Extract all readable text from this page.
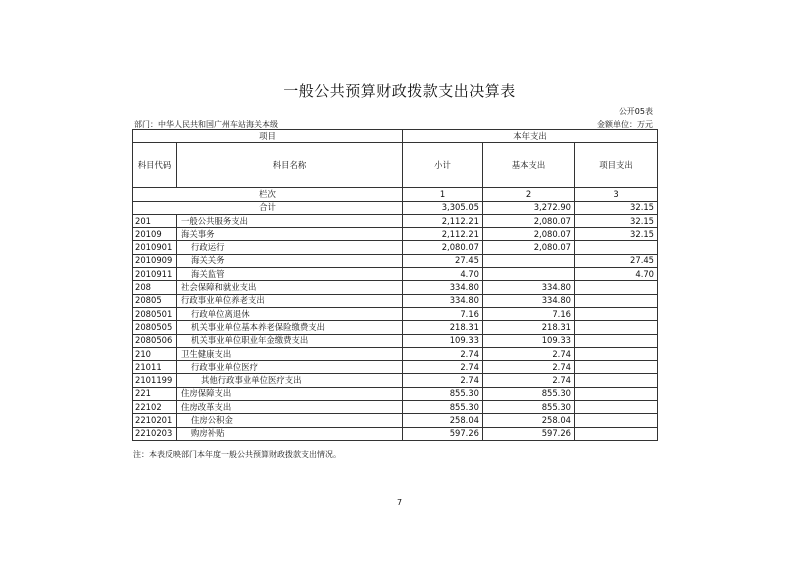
一般公共预算财政拨款支出决算表
公开05表
部门：中华人民共和国广州车站海关本级	金额单位：万元
项目		本年支出		
科目代码	科目名称	小计	基本支出	项目支出
栏次		1	2	3
合计		3,305.05	3,272.90	32.15
201	一般公共服务支出	2,112.21	2,080.07	32.15
20109	海关事务	2,112.21	2,080.07	32.15
2010901	行政运行	2,080.07	2,080.07	
2010909	海关关务	27.45		27.45
2010911	海关监管	4.70		4.70
208	社会保障和就业支出	334.80	334.80	
20805	行政事业单位养老支出	334.80	334.80	
2080501	行政单位离退休	7.16	7.16	
2080505	机关事业单位基本养老保险缴费支出	218.31	218.31	
2080506	机关事业单位职业年金缴费支出	109.33	109.33	
210	卫生健康支出	2.74	2.74	
21011	行政事业单位医疗	2.74	2.74	
2101199	其他行政事业单位医疗支出	2.74	2.74	
221	住房保障支出	855.30	855.30	
22102	住房改革支出	855.30	855.30	
2210201	住房公积金	258.04	258.04	
2210203	购房补贴	597.26	597.26	
注：本表反映部门本年度一般公共预算财政拨款支出情况。
7
